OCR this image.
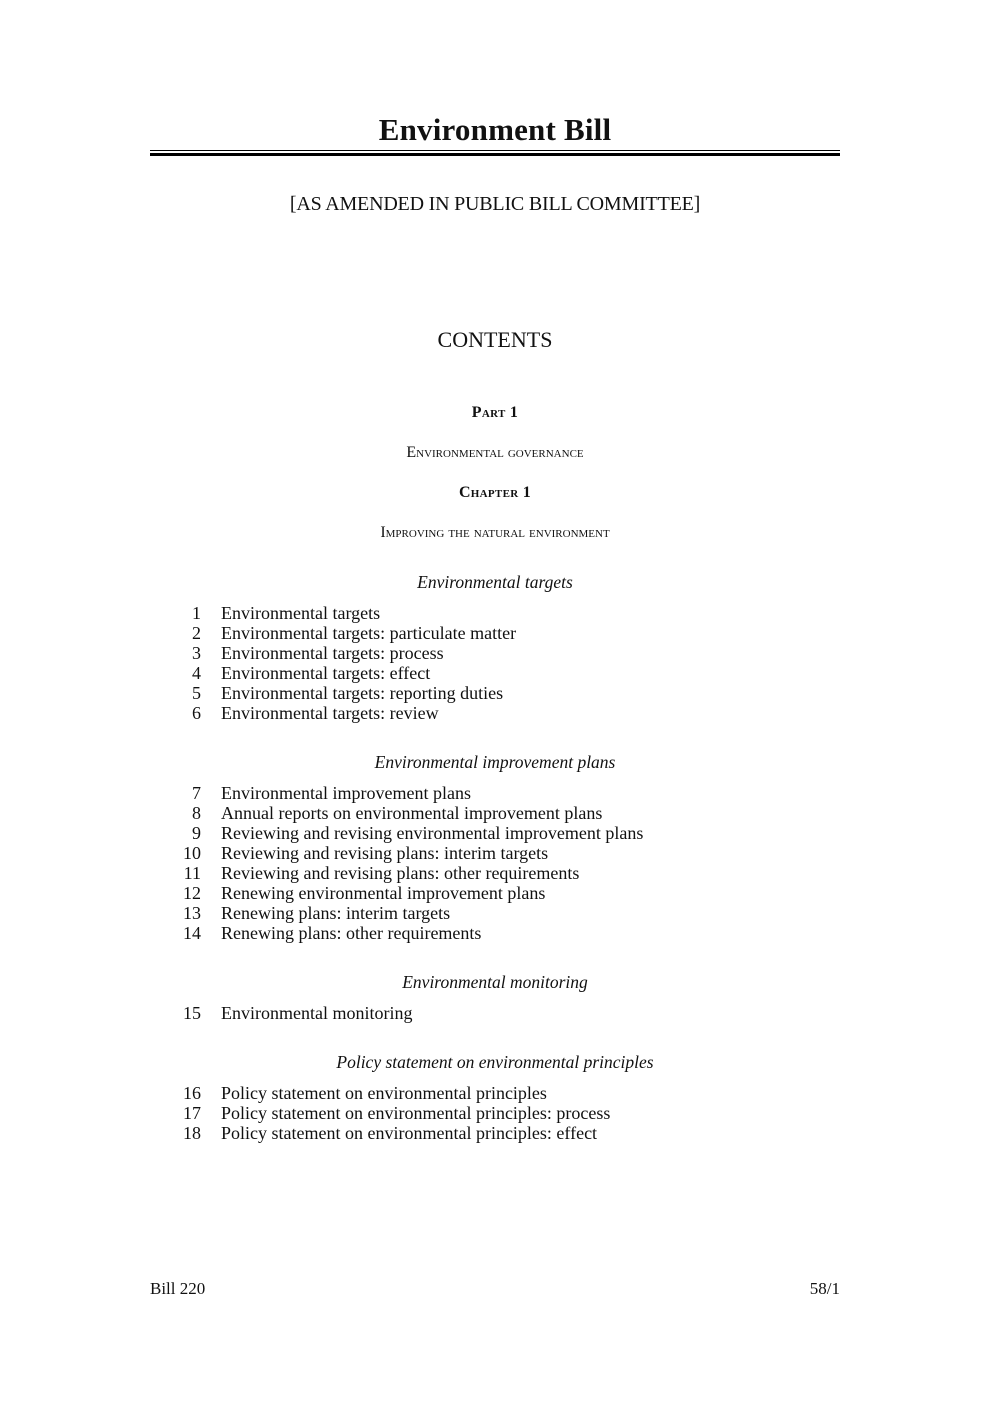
Environment Bill
[AS AMENDED IN PUBLIC BILL COMMITTEE]
CONTENTS
Part 1
Environmental governance
Chapter 1
Improving the natural environment
Environmental targets
1 Environmental targets
2 Environmental targets: particulate matter
3 Environmental targets: process
4 Environmental targets: effect
5 Environmental targets: reporting duties
6 Environmental targets: review
Environmental improvement plans
7 Environmental improvement plans
8 Annual reports on environmental improvement plans
9 Reviewing and revising environmental improvement plans
10 Reviewing and revising plans: interim targets
11 Reviewing and revising plans: other requirements
12 Renewing environmental improvement plans
13 Renewing plans: interim targets
14 Renewing plans: other requirements
Environmental monitoring
15 Environmental monitoring
Policy statement on environmental principles
16 Policy statement on environmental principles
17 Policy statement on environmental principles: process
18 Policy statement on environmental principles: effect
Bill 220	58/1
